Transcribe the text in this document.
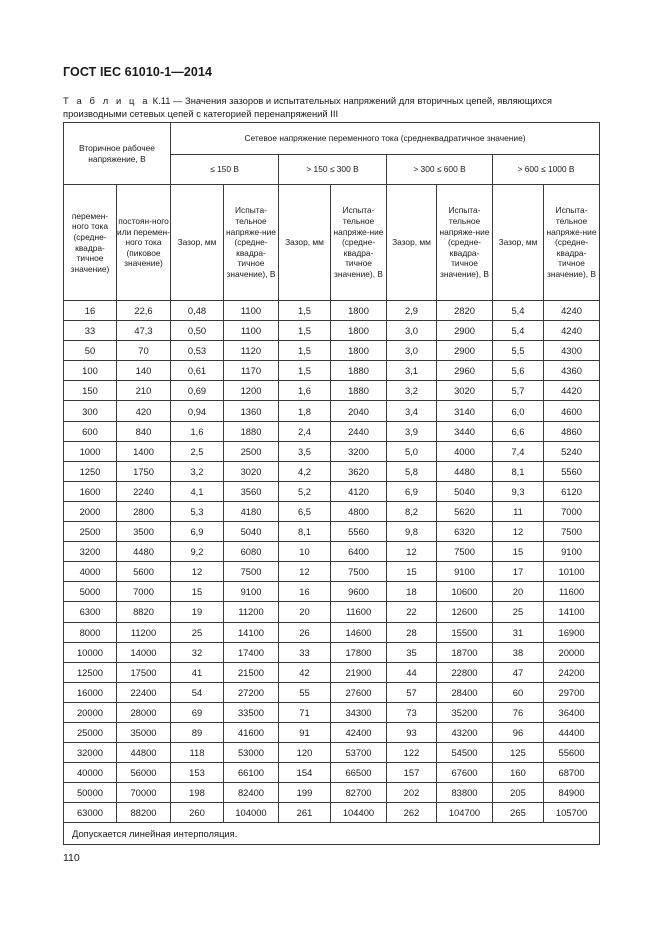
ГОСТ IEC 61010-1—2014
Т а б л и ц а К.11 — Значения зазоров и испытательных напряжений для вторичных цепей, являющихся производными сетевых цепей с категорией перенапряжений III
Вторичное рабочее напряжение, В		Сетевое напряжение переменного тока (среднеквадратичное значение)							
		≤ 150 В		> 150 ≤ 300 В		> 300 ≤ 600 В		> 600 ≤ 1000 В	
перемен-ного тока (средне-квадра-тичное значение)	постоян-ного или перемен-ного тока (пиковое значение)	Зазор, мм	Испыта-тельное напряже-ние (средне-квадра-тичное значение), В	Зазор, мм	Испыта-тельное напряже-ние (средне-квадра-тичное значение), В	Зазор, мм	Испыта-тельное напряже-ние (средне-квадра-тичное значение), В	Зазор, мм	Испыта-тельное напряже-ние (средне-квадра-тичное значение), В
16	22,6	0,48	1100	1,5	1800	2,9	2820	5,4	4240
33	47,3	0,50	1100	1,5	1800	3,0	2900	5,4	4240
50	70	0,53	1120	1,5	1800	3,0	2900	5,5	4300
100	140	0,61	1170	1,5	1880	3,1	2960	5,6	4360
150	210	0,69	1200	1,6	1880	3,2	3020	5,7	4420
300	420	0,94	1360	1,8	2040	3,4	3140	6,0	4600
600	840	1,6	1880	2,4	2440	3,9	3440	6,6	4860
1000	1400	2,5	2500	3,5	3200	5,0	4000	7,4	5240
1250	1750	3,2	3020	4,2	3620	5,8	4480	8,1	5560
1600	2240	4,1	3560	5,2	4120	6,9	5040	9,3	6120
2000	2800	5,3	4180	6,5	4800	8,2	5620	11	7000
2500	3500	6,9	5040	8,1	5560	9,8	6320	12	7500
3200	4480	9,2	6080	10	6400	12	7500	15	9100
4000	5600	12	7500	12	7500	15	9100	17	10100
5000	7000	15	9100	16	9600	18	10600	20	11600
6300	8820	19	11200	20	11600	22	12600	25	14100
8000	11200	25	14100	26	14600	28	15500	31	16900
10000	14000	32	17400	33	17800	35	18700	38	20000
12500	17500	41	21500	42	21900	44	22800	47	24200
16000	22400	54	27200	55	27600	57	28400	60	29700
20000	28000	69	33500	71	34300	73	35200	76	36400
25000	35000	89	41600	91	42400	93	43200	96	44400
32000	44800	118	53000	120	53700	122	54500	125	55600
40000	56000	153	66100	154	66500	157	67600	160	68700
50000	70000	198	82400	199	82700	202	83800	205	84900
63000	88200	260	104000	261	104400	262	104700	265	105700
Допускается линейная интерполяция.									
110
